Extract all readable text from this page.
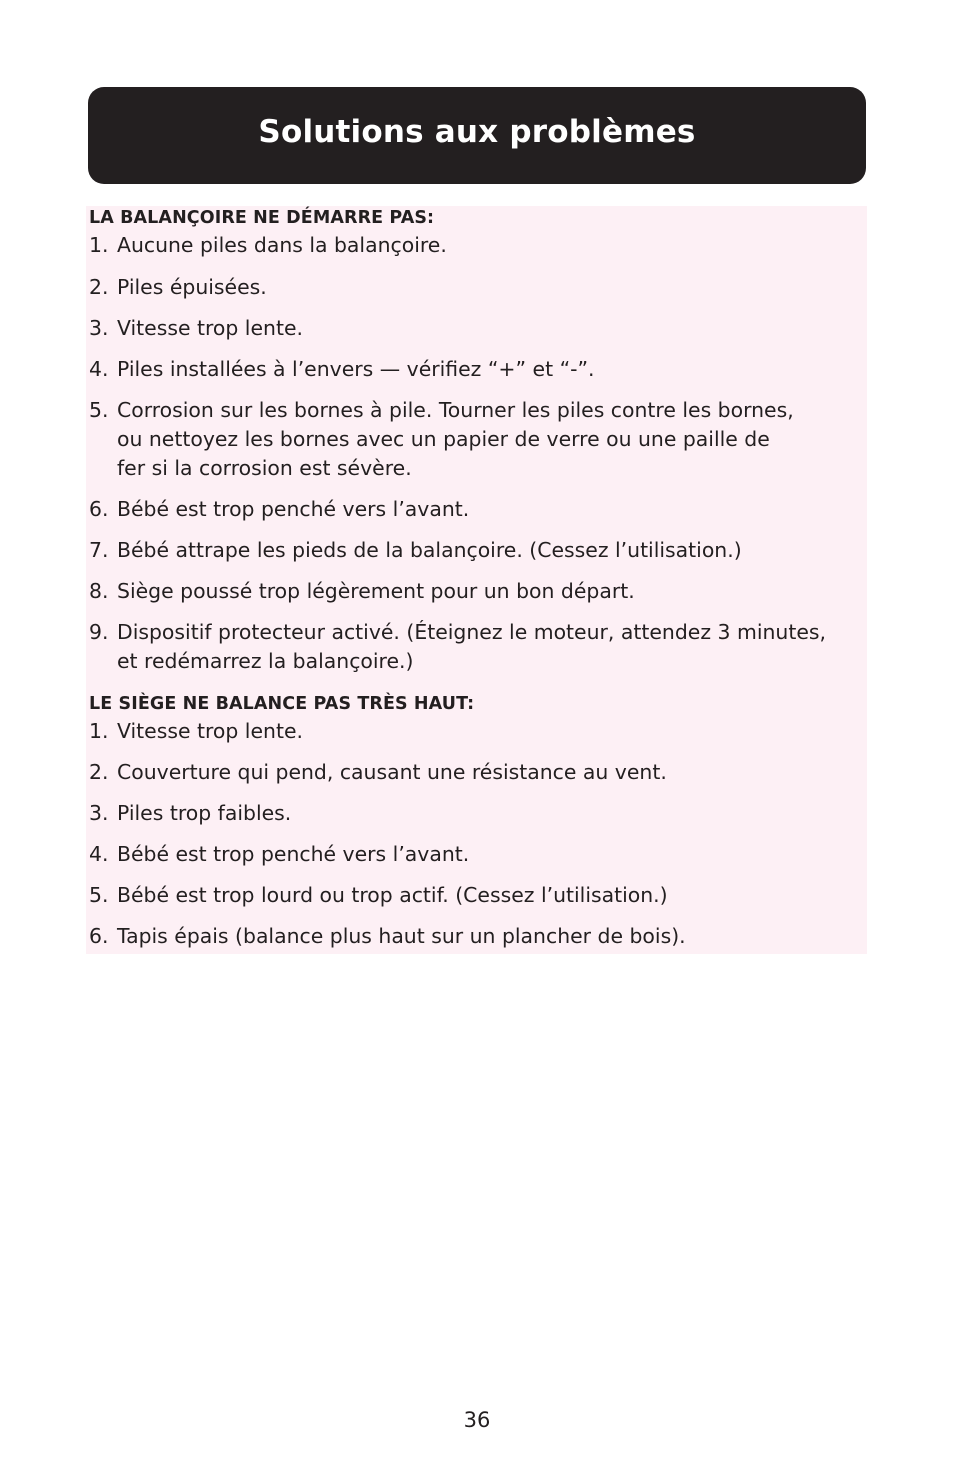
Solutions aux problèmes
LA BALANÇOIRE NE DÉMARRE PAS:
1. Aucune piles dans la balançoire.
2. Piles épuisées.
3. Vitesse trop lente.
4. Piles installées à l’envers — vérifiez “+” et “-”.
5. Corrosion sur les bornes à pile. Tourner les piles contre les bornes,
ou nettoyez les bornes avec un papier de verre ou une paille de
fer si la corrosion est sévère.
6. Bébé est trop penché vers l’avant.
7. Bébé attrape les pieds de la balançoire. (Cessez l’utilisation.)
8. Siège poussé trop légèrement pour un bon départ.
9. Dispositif protecteur activé. (Éteignez le moteur, attendez 3 minutes,
et redémarrez la balançoire.)
LE SIÈGE NE BALANCE PAS TRÈS HAUT:
1. Vitesse trop lente.
2. Couverture qui pend, causant une résistance au vent.
3. Piles trop faibles.
4. Bébé est trop penché vers l’avant.
5. Bébé est trop lourd ou trop actif. (Cessez l’utilisation.)
6. Tapis épais (balance plus haut sur un plancher de bois).
36
